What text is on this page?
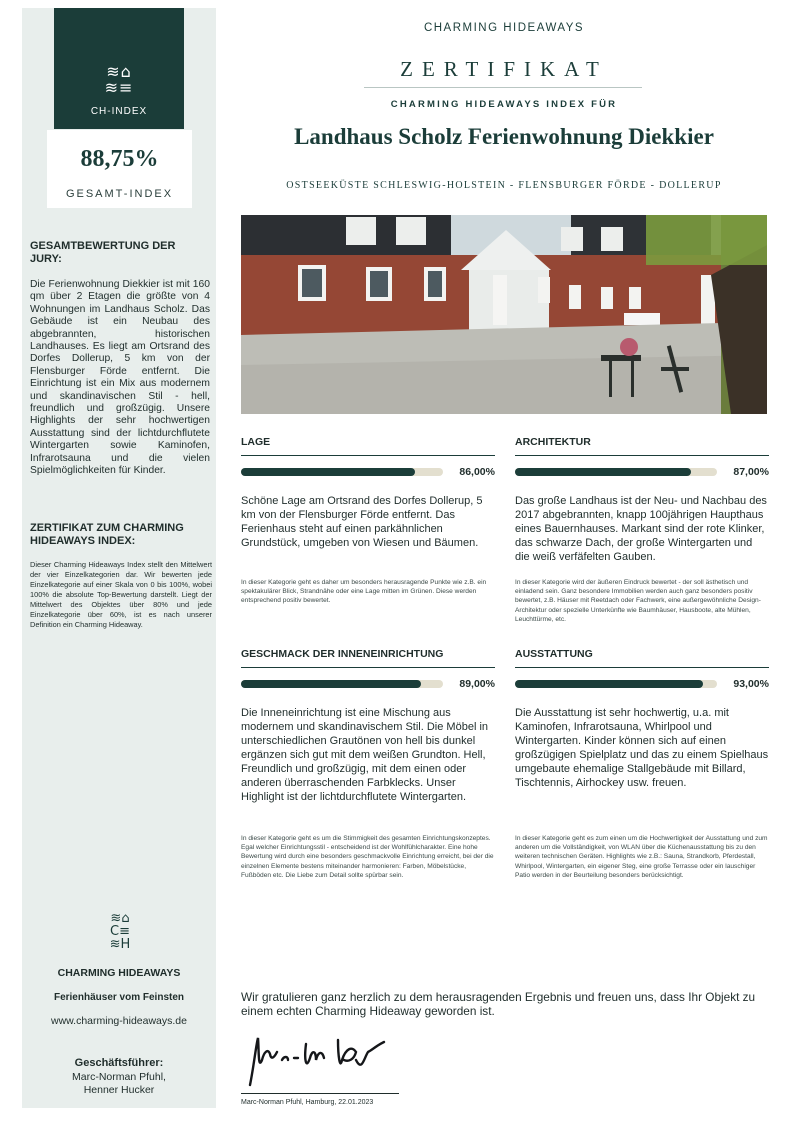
≋⌂
≋≡
CH-INDEX
88,75%
GESAMT-INDEX
GESAMTBEWERTUNG DER JURY:
Die Ferienwohnung Diekkier ist mit 160 qm über 2 Etagen die größte von 4 Wohnungen im Landhaus Scholz. Das Gebäude ist ein Neubau des abgebrannten, historischen Landhauses. Es liegt am Ortsrand des Dorfes Dollerup, 5 km von der Flensburger Förde entfernt. Die Einrichtung ist ein Mix aus modernem und skandinavischen Stil - hell, freundlich und großzügig. Unsere Highlights der sehr hochwertigen Ausstattung sind der lichtdurchflutete Wintergarten sowie Kaminofen, Infrarotsauna und die vielen Spielmöglichkeiten für Kinder.
ZERTIFIKAT ZUM CHARMING HIDEAWAYS INDEX:
Dieser Charming Hideaways Index stellt den Mittelwert der vier Einzelkategorien dar. Wir bewerten jede Einzelkategorie auf einer Skala von 0 bis 100%, wobei 100% die absolute Top-Bewertung darstellt. Liegt der Mittelwert des Objektes über 80% und jede Einzelkategorie über 60%, ist es nach unserer Definition ein Charming Hideaway.
≋⌂
C≡
≋H
CHARMING HIDEAWAYS
Ferienhäuser vom Feinsten
www.charming-hideaways.de
Geschäftsführer:
Marc-Norman Pfuhl,
Henner Hucker
CHARMING HIDEAWAYS
ZERTIFIKAT
CHARMING HIDEAWAYS INDEX FÜR
Landhaus Scholz Ferienwohnung Diekkier
OSTSEEKÜSTE SCHLESWIG-HOLSTEIN - FLENSBURGER FÖRDE - DOLLERUP
LAGE
86,00%
Schöne Lage am Ortsrand des Dorfes Dollerup, 5 km von der Flensburger Förde entfernt. Das Ferienhaus steht auf einen parkähnlichen Grundstück, umgeben von Wiesen und Bäumen.
In dieser Kategorie geht es daher um besonders herausragende Punkte wie z.B. ein spektakulärer Blick, Strandnähe oder eine Lage mitten im Grünen. Diese werden entsprechend positiv bewertet.
ARCHITEKTUR
87,00%
Das große Landhaus ist der Neu- und Nachbau des 2017 abgebrannten, knapp 100jährigen Haupthaus eines Bauernhauses. Markant sind der rote Klinker, das schwarze Dach, der große Wintergarten und die weiß verfäfelten Gauben.
In dieser Kategorie wird der äußeren Eindruck bewertet - der soll ästhetisch und einladend sein. Ganz besondere Immobilien werden auch ganz besonders positiv bewertet, z.B. Häuser mit Reetdach oder Fachwerk, eine außergewöhnliche Design-Architektur oder spezielle Unterkünfte wie Baumhäuser, Hausboote, alte Mühlen, Leuchttürme, etc.
GESCHMACK DER INNENEINRICHTUNG
89,00%
Die Inneneinrichtung ist eine Mischung aus modernem und skandinavischem Stil. Die Möbel in unterschiedlichen Grautönen von hell bis dunkel ergänzen sich gut mit dem weißen Grundton. Hell, Freundlich und großzügig, mit dem einen oder anderen überraschenden Farbklecks. Unser Highlight ist der lichtdurchflutete Wintergarten.
In dieser Kategorie geht es um die Stimmigkeit des gesamten Einrichtungskonzeptes. Egal welcher Einrichtungsstil - entscheidend ist der Wohlfühlcharakter. Eine hohe Bewertung wird durch eine besonders geschmackvolle Einrichtung erreicht, bei der die einzelnen Elemente bestens miteinander harmonieren: Farben, Möbelstücke, Fußböden etc. Die Liebe zum Detail sollte spürbar sein.
AUSSTATTUNG
93,00%
Die Ausstattung ist sehr hochwertig, u.a. mit Kaminofen, Infrarotsauna, Whirlpool und Wintergarten. Kinder können sich auf einen großzügigen Spielplatz und das zu einem Spielhaus umgebaute ehemalige Stallgebäude mit Billard, Tischtennis, Airhockey usw. freuen.
In dieser Kategorie geht es zum einen um die Hochwertigkeit der Ausstattung und zum anderen um die Vollständigkeit, von WLAN über die Küchenausstattung bis zu den weiteren technischen Geräten. Highlights wie z.B.: Sauna, Strandkorb, Pferdestall, Whirlpool, Wintergarten, ein eigener Steg, eine große Terrasse oder ein lauschiger Patio werden in der Beurteilung besonders berücksichtigt.
Wir gratulieren ganz herzlich zu dem herausragenden Ergebnis und freuen uns, dass Ihr Objekt zu einem echten Charming Hideaway geworden ist.
Marc-Norman Pfuhl, Hamburg, 22.01.2023
